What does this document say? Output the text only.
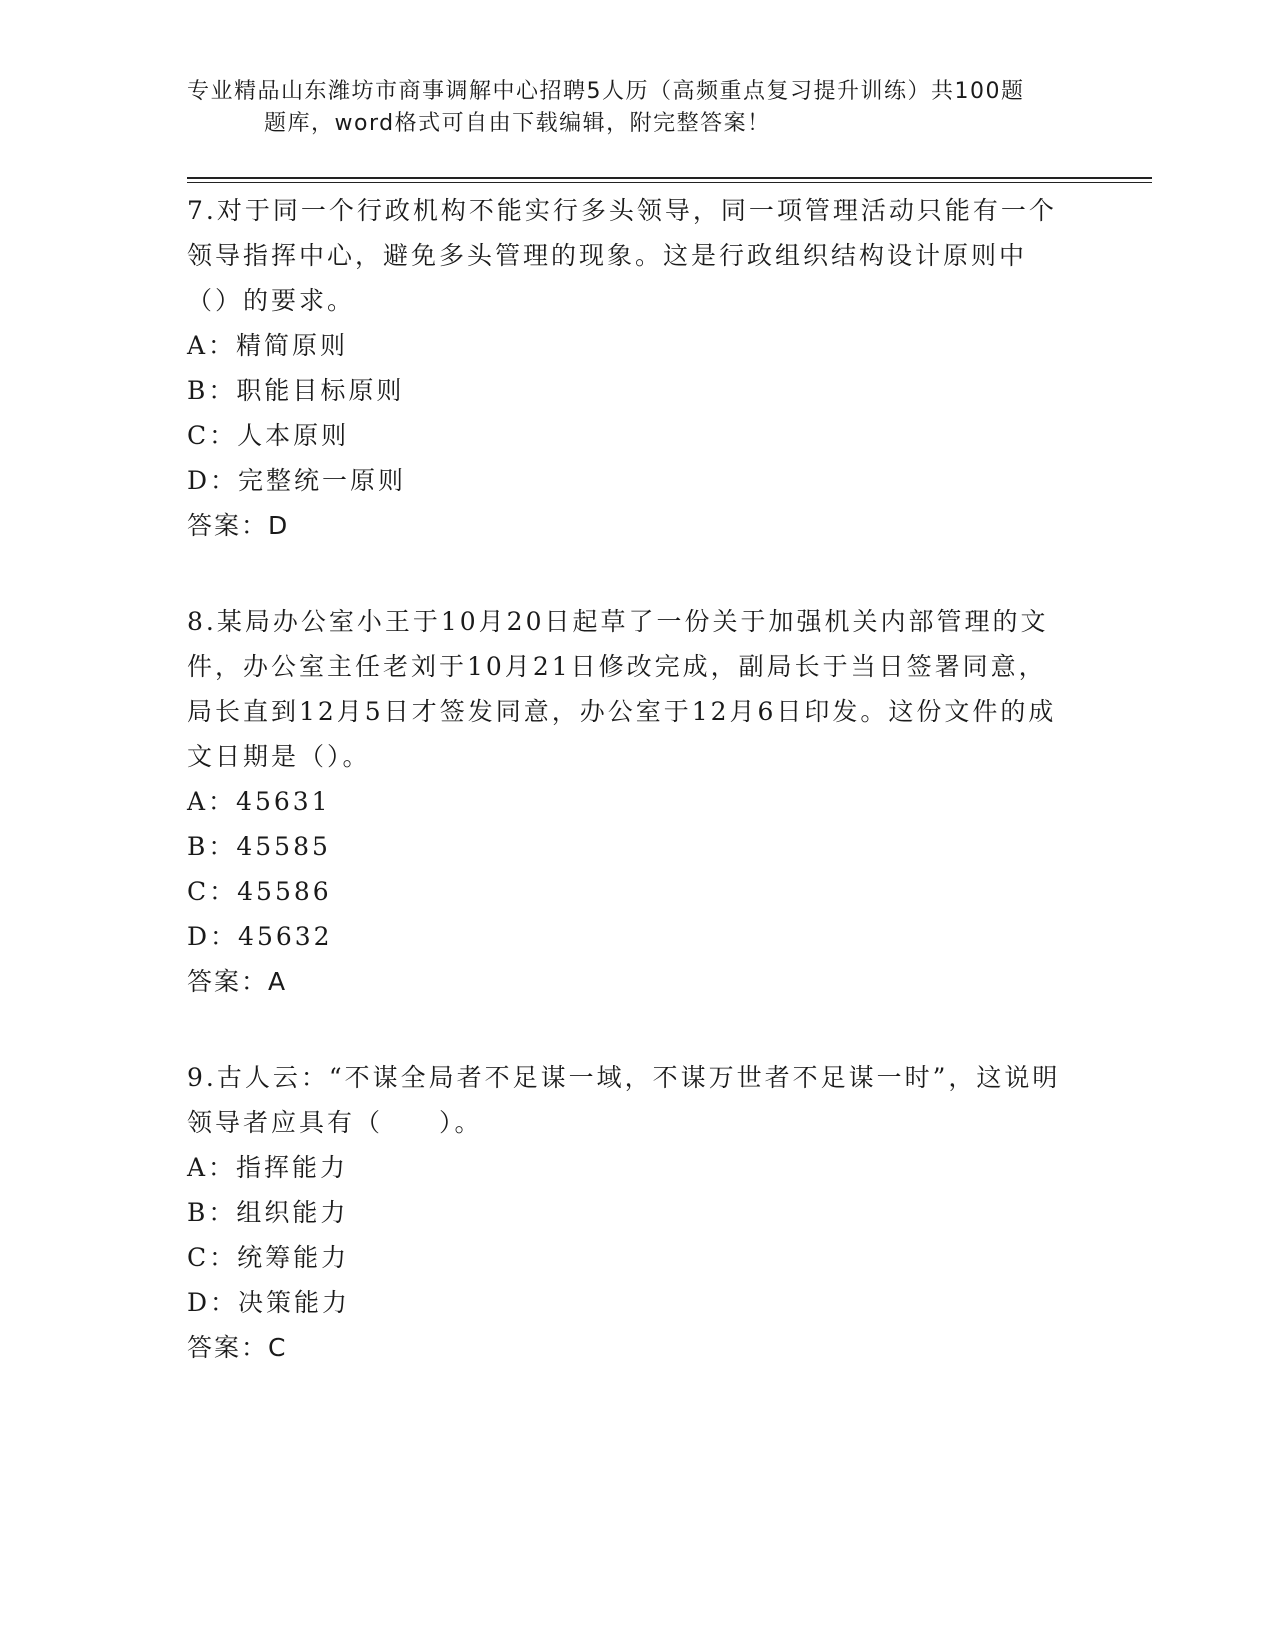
专业精品山东潍坊市商事调解中心招聘5人历（高频重点复习提升训练）共100题
题库，word格式可自由下载编辑，附完整答案！
7.对于同一个行政机构不能实行多头领导，同一项管理活动只能有一个领导指挥中心，避免多头管理的现象。这是行政组织结构设计原则中（）的要求。
A：精简原则
B：职能目标原则
C：人本原则
D：完整统一原则
答案：D
8.某局办公室小王于10月20日起草了一份关于加强机关内部管理的文件，办公室主任老刘于10月21日修改完成，副局长于当日签署同意，局长直到12月5日才签发同意，办公室于12月6日印发。这份文件的成文日期是（）。
A：45631
B：45585
C：45586
D：45632
答案：A
9.古人云：“不谋全局者不足谋一域，不谋万世者不足谋一时”，这说明领导者应具有（　　）。
A：指挥能力
B：组织能力
C：统筹能力
D：决策能力
答案：C
